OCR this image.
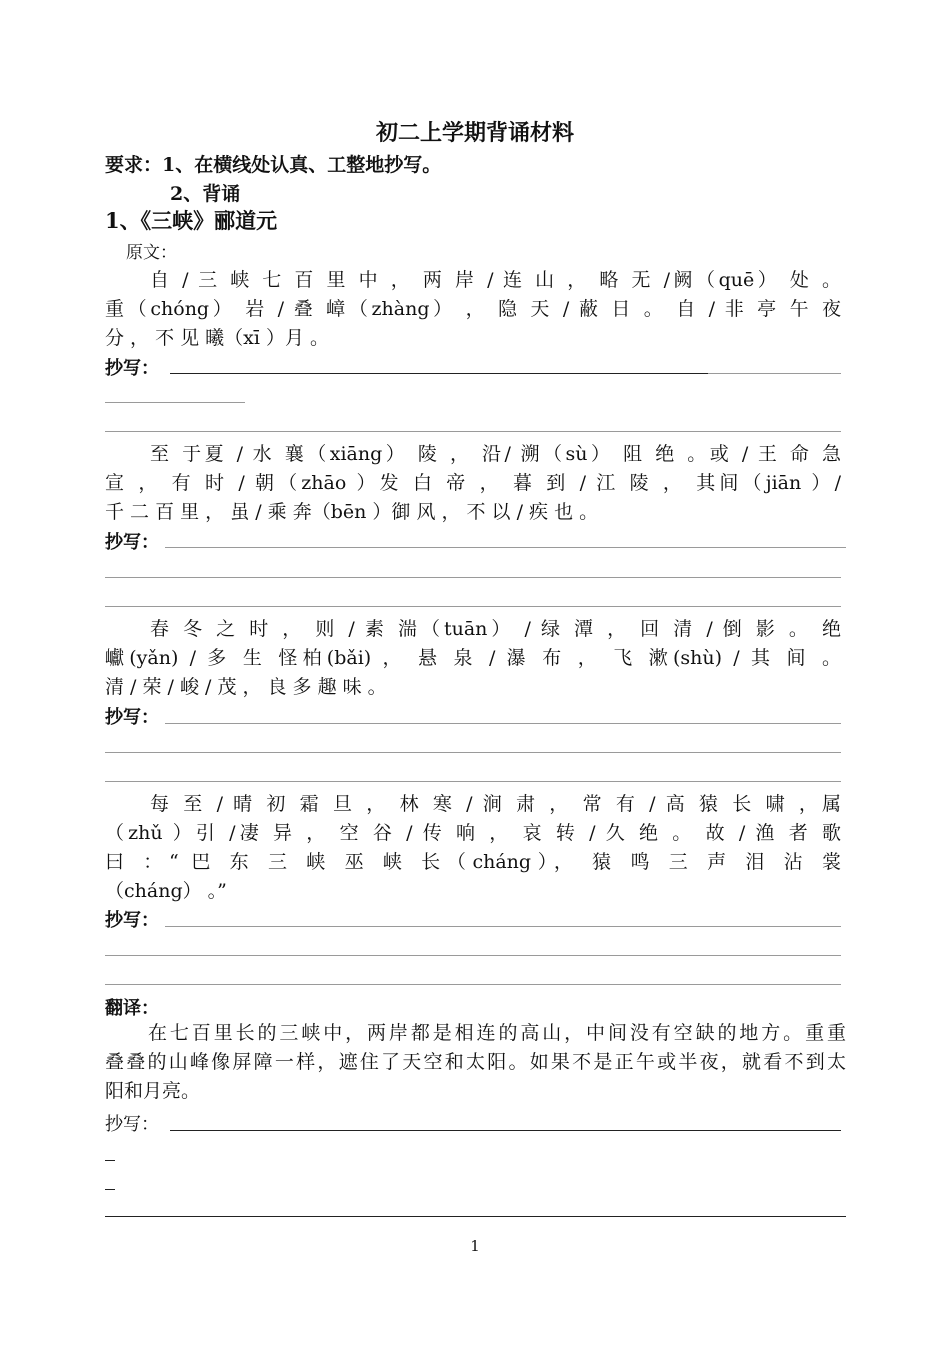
初二上学期背诵材料
要求：1、在横线处认真、工整地抄写。
2、背诵
1、《三峡》郦道元
原文：
自 / 三 峡 七 百 里 中 ， 两 岸 / 连 山 ， 略 无 /阙（quē） 处 。
重（chóng） 岩 / 叠 嶂（zhàng） ， 隐 天 / 蔽 日 。 自 / 非 亭 午 夜
分 ， 不 见 曦（xī ）月 。
抄写：
至 于夏 / 水 襄（xiāng） 陵 ， 沿/ 溯（sù） 阻 绝 。或 / 王 命 急
宣 ， 有 时 / 朝（zhāo ）发 白 帝 ， 暮 到 / 江 陵 ， 其间（jiān ）/
千 二 百 里 ， 虽 / 乘 奔（bēn ）御 风 ， 不 以 / 疾 也 。
抄写：
春 冬 之 时 ， 则 / 素 湍（tuān） / 绿 潭 ， 回 清 / 倒 影 。 绝
巘(yǎn) / 多 生 怪柏(bǎi) ， 悬 泉 / 瀑 布 ， 飞 漱(shù) / 其 间 。
清 / 荣 / 峻 / 茂 ， 良 多 趣 味 。
抄写：
每 至 / 晴 初 霜 旦 ， 林 寒 / 涧 肃 ， 常 有 / 高 猿 长 啸 ，属
（zhǔ ）引 /凄 异 ， 空 谷 / 传 响 ， 哀 转 / 久 绝 。 故 / 渔 者 歌
曰 ：“ 巴 东 三 峡 巫 峡 长（cháng）， 猿 鸣 三 声 泪 沾 裳
（cháng） 。”
抄写：
翻译：
在七百里长的三峡中，两岸都是相连的高山，中间没有空缺的地方。重重
叠叠的山峰像屏障一样，遮住了天空和太阳。如果不是正午或半夜，就看不到太
阳和月亮。
抄写：
1
